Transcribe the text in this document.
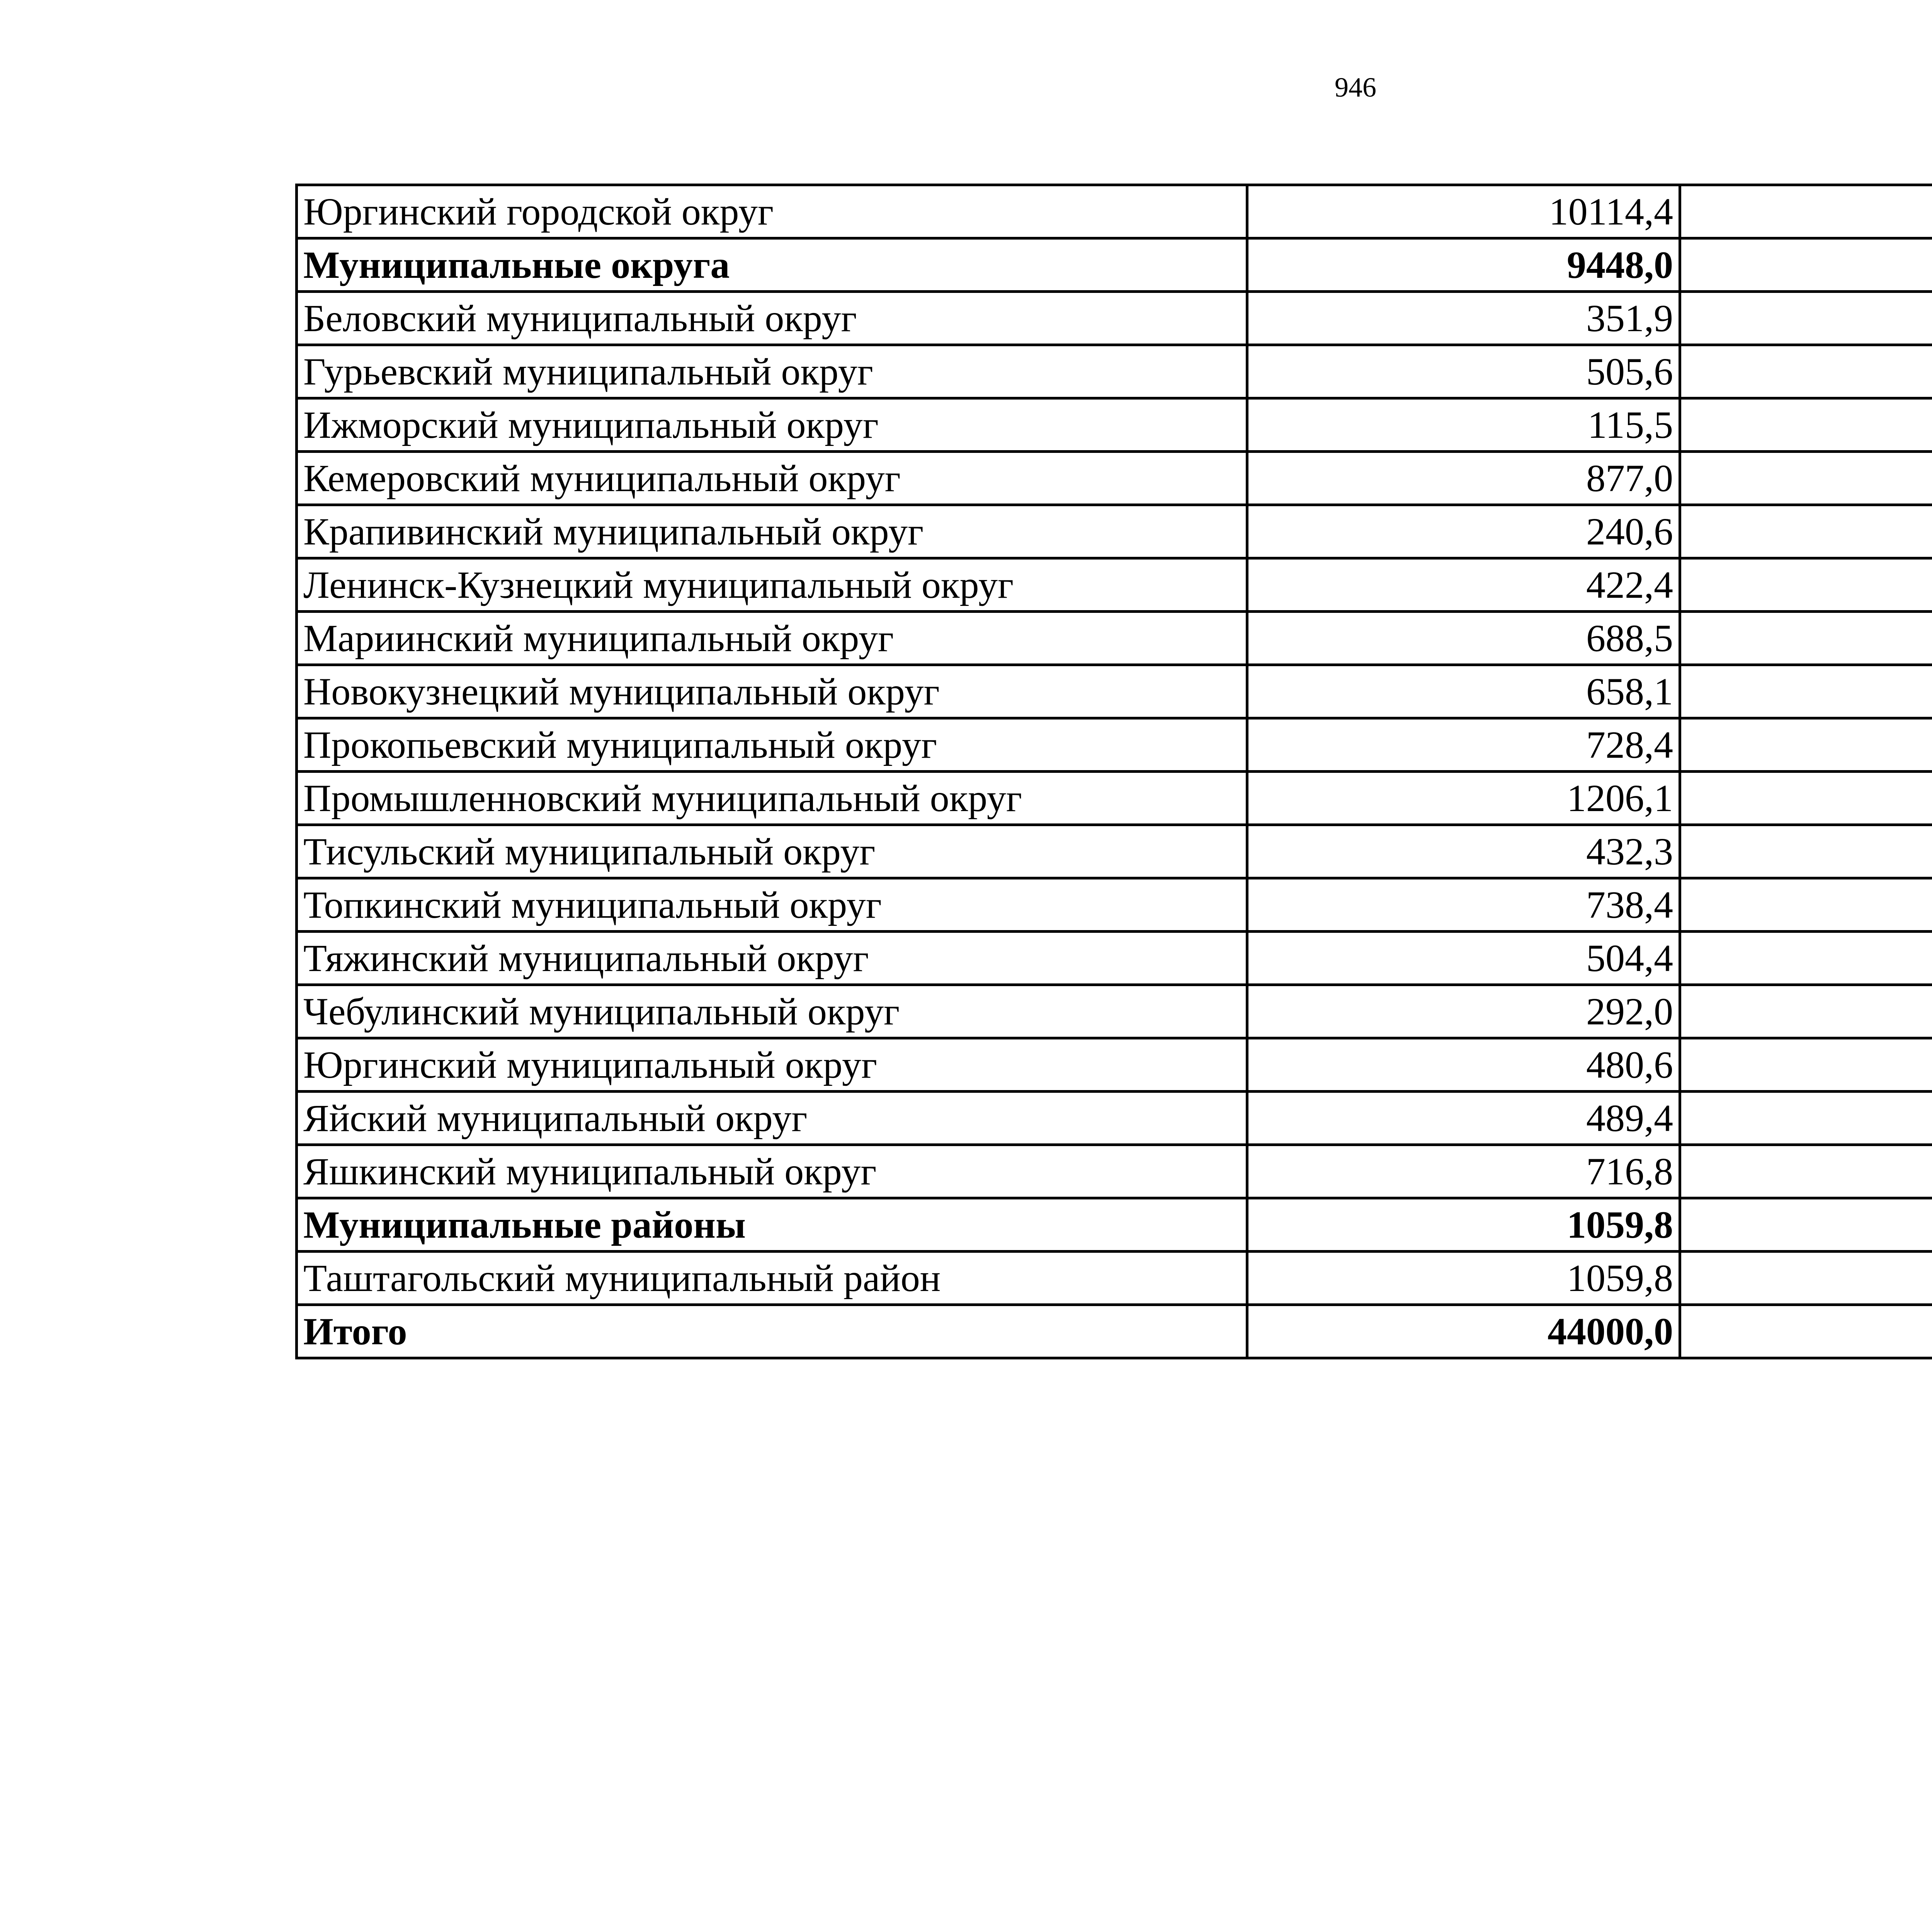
946
Юргинский городской округ	10114,4		
Муниципальные округа	9448,0		
Беловский муниципальный округ	351,9		
Гурьевский муниципальный округ	505,6		
Ижморский муниципальный округ	115,5		
Кемеровский муниципальный округ	877,0		
Крапивинский муниципальный округ	240,6		
Ленинск-Кузнецкий муниципальный округ	422,4		
Мариинский муниципальный округ	688,5		
Новокузнецкий муниципальный округ	658,1		
Прокопьевский муниципальный округ	728,4		
Промышленновский муниципальный округ	1206,1		
Тисульский муниципальный округ	432,3		
Топкинский муниципальный округ	738,4		
Тяжинский муниципальный округ	504,4		
Чебулинский муниципальный округ	292,0		
Юргинский муниципальный округ	480,6		
Яйский муниципальный округ	489,4		
Яшкинский муниципальный округ	716,8		
Муниципальные районы	1059,8		
Таштагольский муниципальный район	1059,8		
Итого	44000,0		
